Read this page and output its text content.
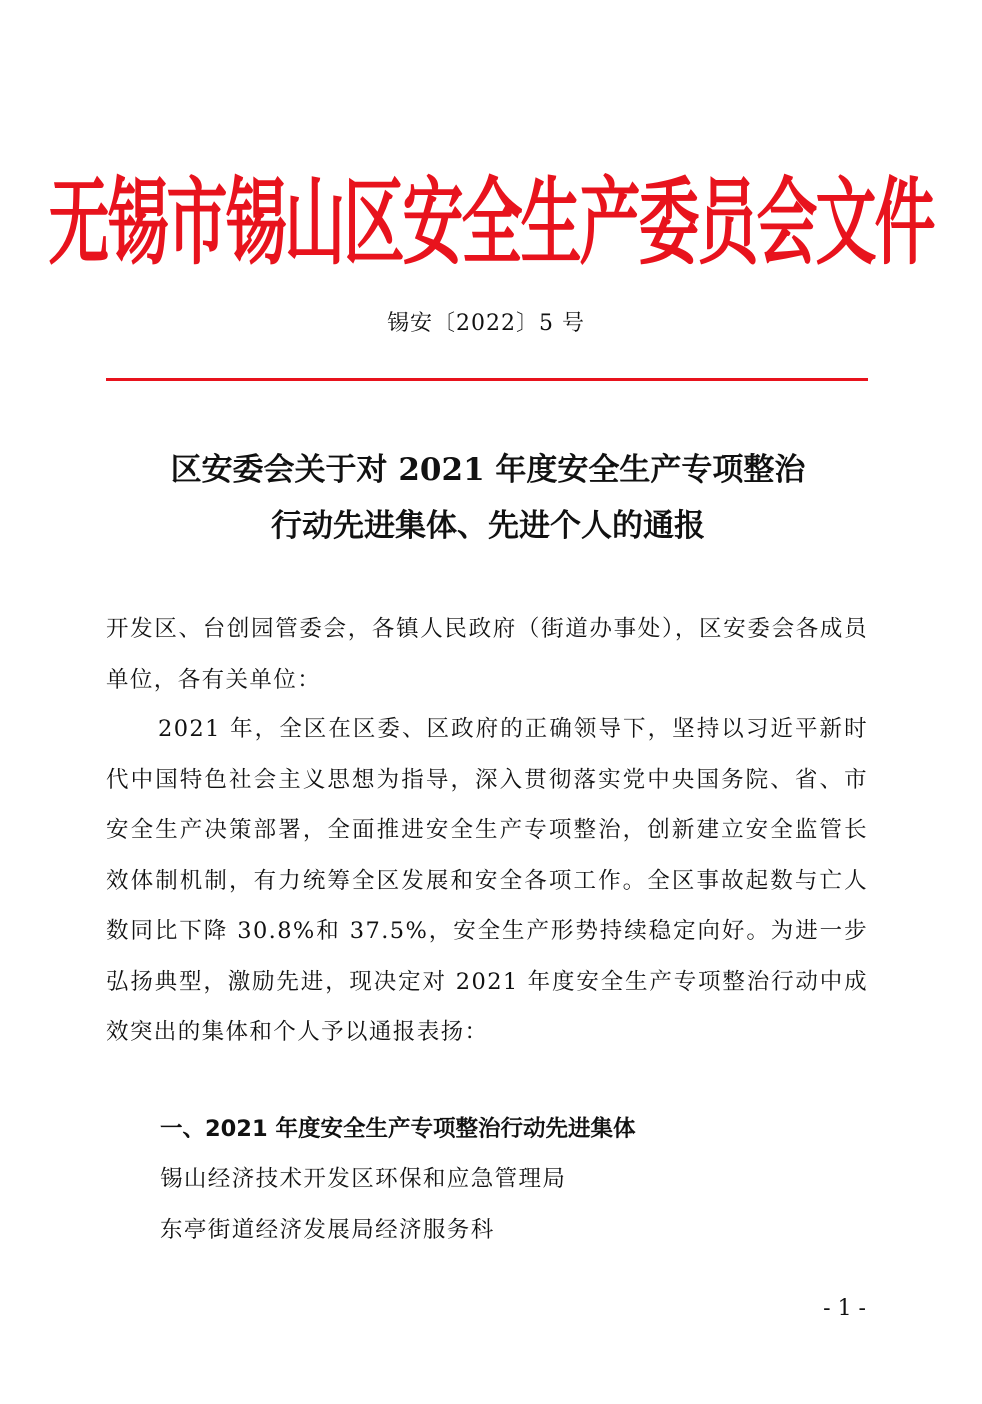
无锡市锡山区安全生产委员会文件
锡安〔2022〕5 号
区安委会关于对 2021 年度安全生产专项整治
行动先进集体、先进个人的通报

开发区、台创园管委会，各镇人民政府（街道办事处），区安委会各成员单位，各有关单位：

2021 年，全区在区委、区政府的正确领导下，坚持以习近平新时代中国特色社会主义思想为指导，深入贯彻落实党中央国务院、省、市安全生产决策部署，全面推进安全生产专项整治，创新建立安全监管长效体制机制，有力统筹全区发展和安全各项工作。全区事故起数与亡人数同比下降 30.8%和 37.5%，安全生产形势持续稳定向好。为进一步弘扬典型，激励先进，现决定对 2021 年度安全生产专项整治行动中成效突出的集体和个人予以通报表扬：

一、2021 年度安全生产专项整治行动先进集体
锡山经济技术开发区环保和应急管理局
东亭街道经济发展局经济服务科
- 1 -
